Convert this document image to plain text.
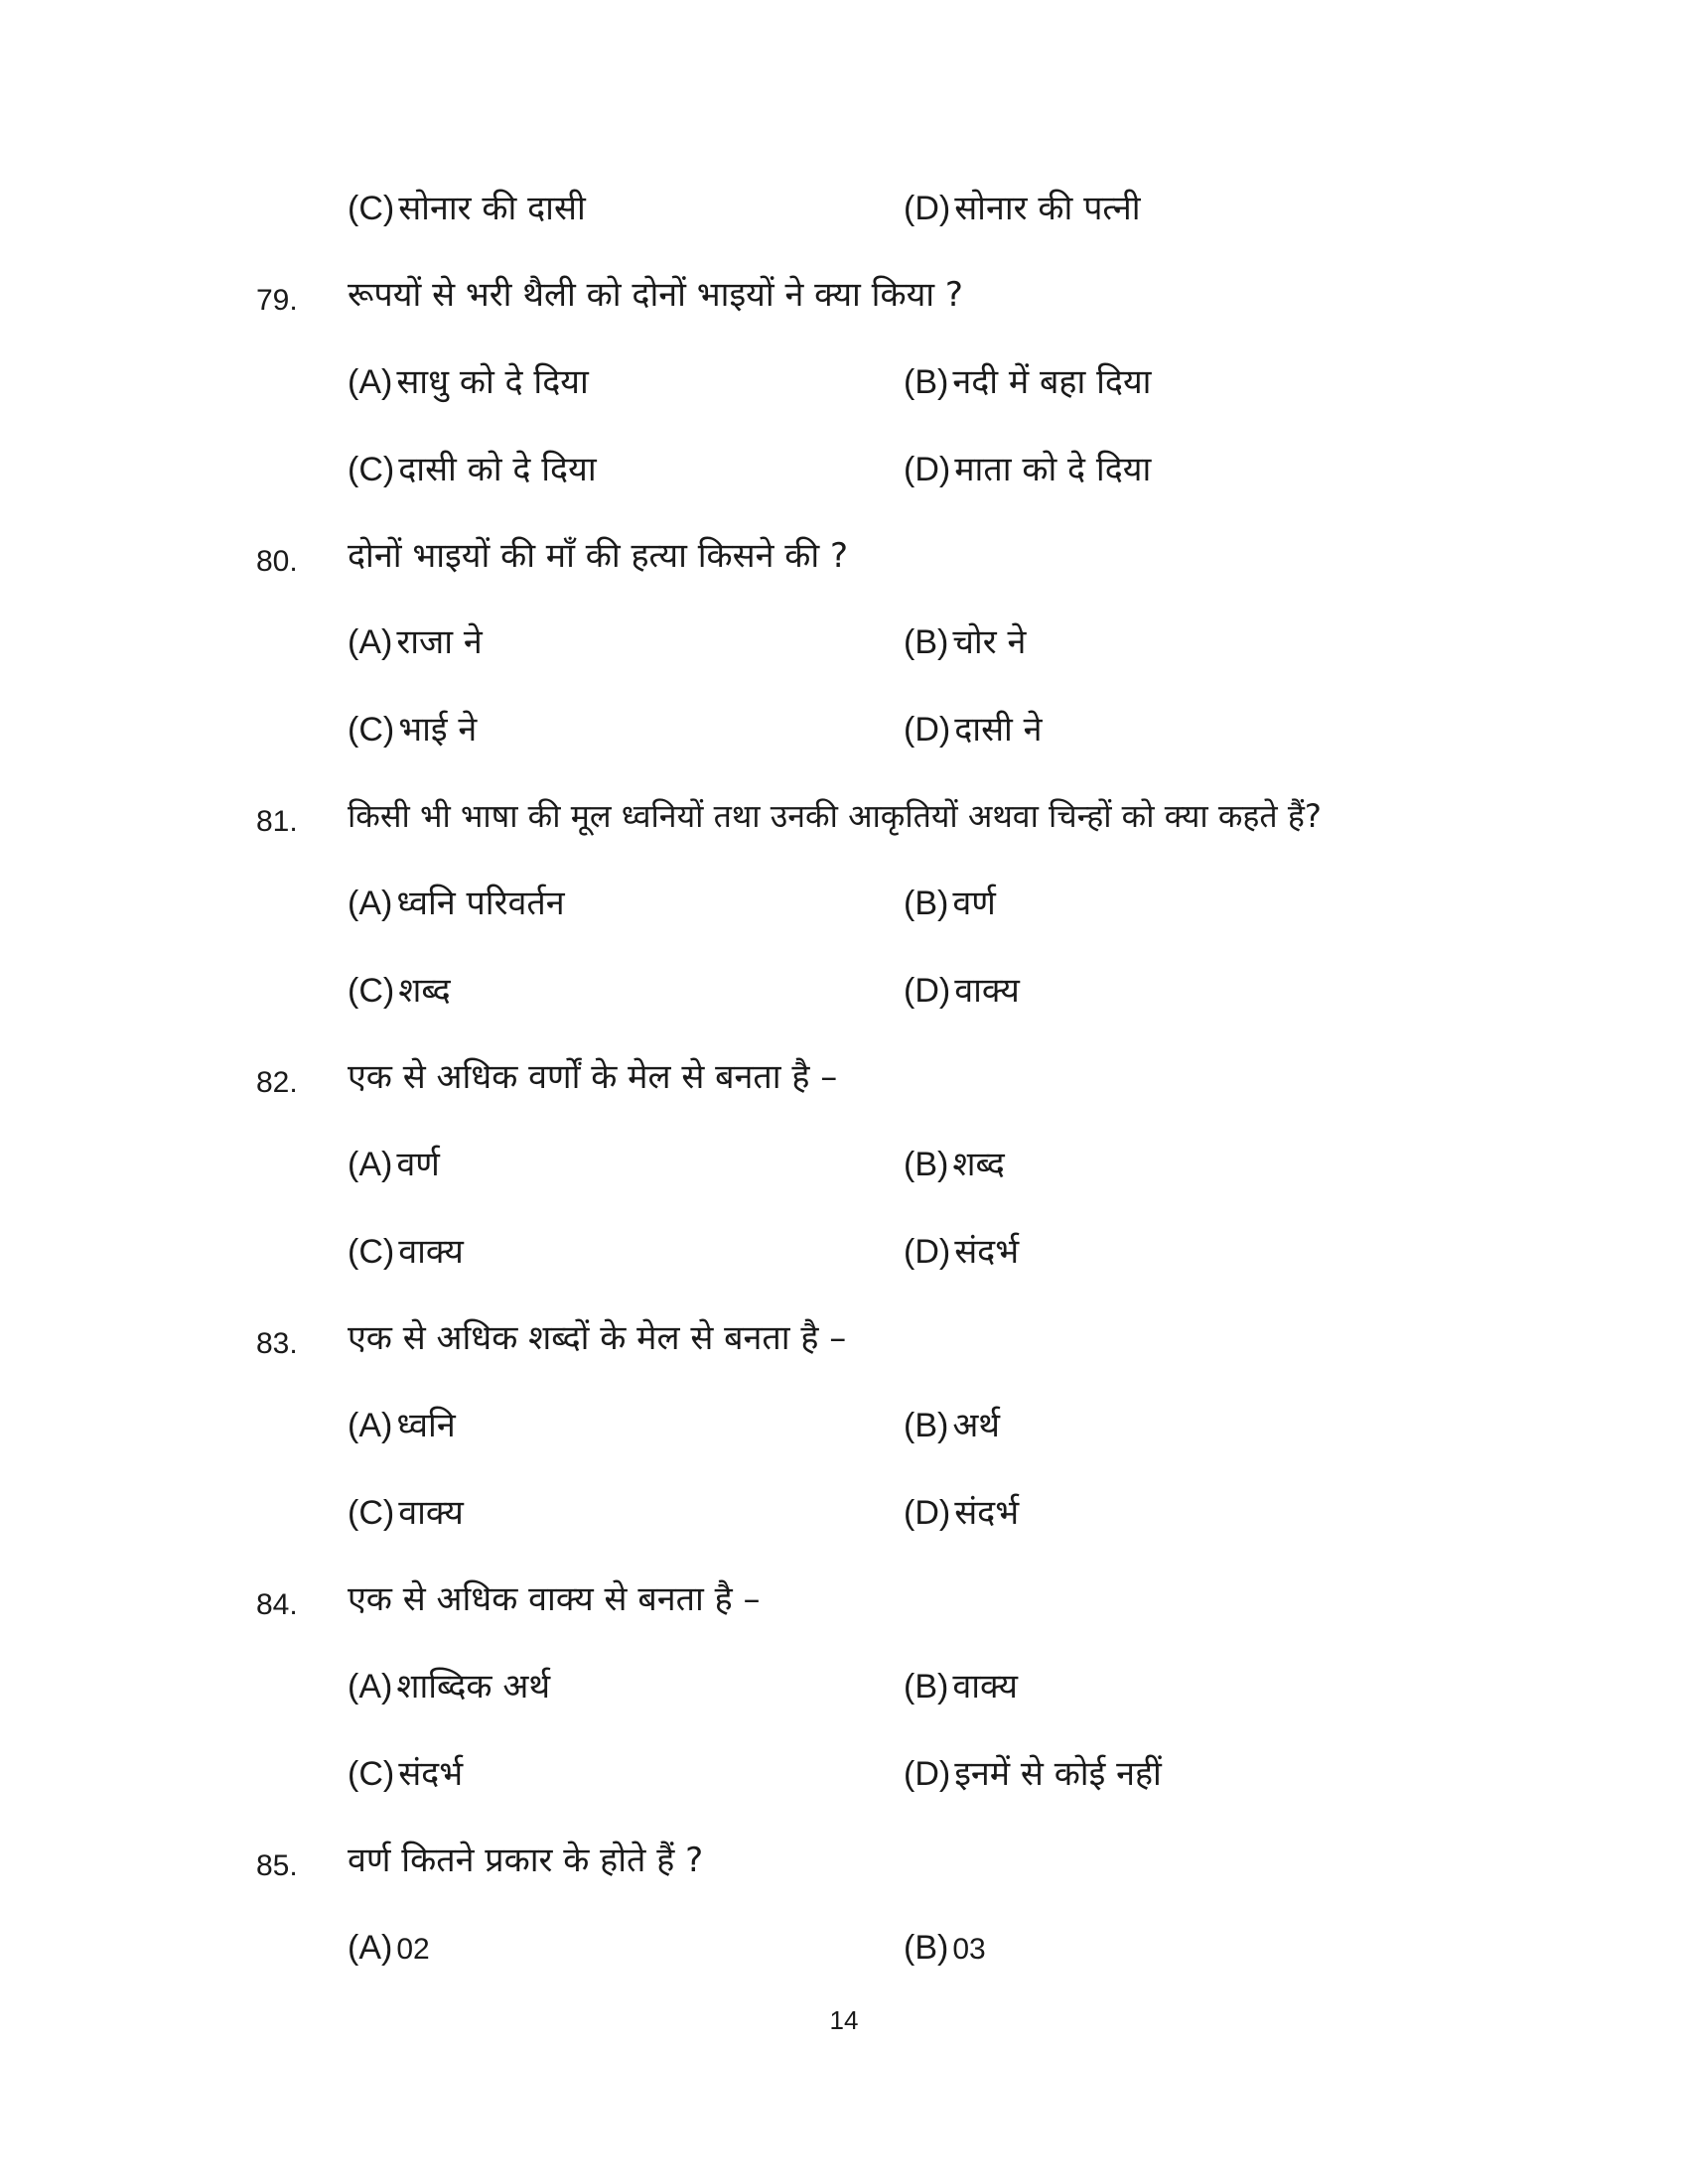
(C) सोनार की दासी	(D) सोनार की पत्नी
79. रूपयों से भरी थैली को दोनों भाइयों ने क्या किया ?
(A) साधु को दे दिया	(B) नदी में बहा दिया
(C) दासी को दे दिया	(D) माता को दे दिया
80. दोनों भाइयों की माँ की हत्या किसने की ?
(A) राजा ने	(B) चोर ने
(C) भाई ने	(D) दासी ने
81. किसी भी भाषा की मूल ध्वनियों तथा उनकी आकृतियों अथवा चिन्हों को क्या कहते हैं?
(A) ध्वनि परिवर्तन	(B) वर्ण
(C) शब्द	(D) वाक्य
82. एक से अधिक वर्णों के मेल से बनता है –
(A) वर्ण	(B) शब्द
(C) वाक्य	(D) संदर्भ
83. एक से अधिक शब्दों के मेल से बनता है –
(A) ध्वनि	(B) अर्थ
(C) वाक्य	(D) संदर्भ
84. एक से अधिक वाक्य से बनता है –
(A) शाब्दिक अर्थ	(B) वाक्य
(C) संदर्भ	(D) इनमें से कोई नहीं
85. वर्ण कितने प्रकार के होते हैं ?
(A) 02	(B) 03
14
